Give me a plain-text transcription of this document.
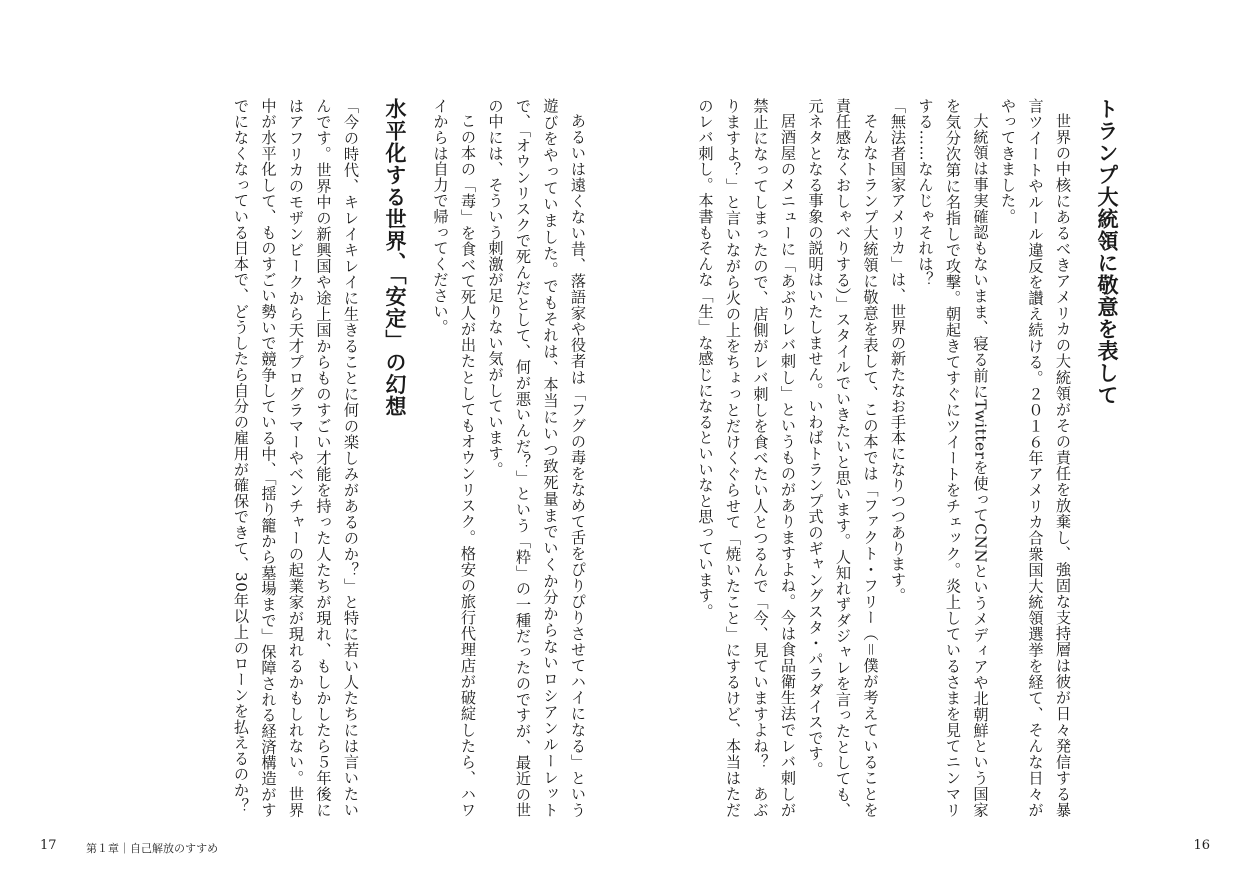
トランプ大統領に敬意を表して

世界の中核にあるべきアメリカの大統領がその責任を放棄し、強固な支持層は彼が日々発信する暴言ツイートやルール違反を讃え続ける。２０１６年アメリカ合衆国大統領選挙を経て、そんな日々がやってきました。

大統領は事実確認もないまま、寝る前にTwitterを使ってCNNというメディアや北朝鮮という国家を気分次第に名指しで攻撃。朝起きてすぐにツイートをチェック。炎上しているさまを見てニンマリする……なんじゃそれは？

「無法者国家アメリカ」は、世界の新たなお手本になりつつあります。

そんなトランプ大統領に敬意を表して、この本では「ファクト・フリー（＝僕が考えていることを責任感なくおしゃべりする）」スタイルでいきたいと思います。人知れずダジャレを言ったとしても、元ネタとなる事象の説明はいたしません。いわばトランプ式のギャングスタ・パラダイスです。

居酒屋のメニューに「あぶりレバ刺し」というものがありますよね。今は食品衛生法でレバ刺しが禁止になってしまったので、店側がレバ刺しを食べたい人とつるんで「今、見ていますよね？　あぶりますよ？」と言いながら火の上をちょっとだけくぐらせて「焼いたこと」にするけど、本当はただのレバ刺し。本書もそんな「生」な感じになるといいなと思っています。

あるいは遠くない昔、落語家や役者は「フグの毒をなめて舌をぴりぴりさせてハイになる」という遊びをやっていました。でもそれは、本当にいつ致死量までいくか分からないロシアンルーレットで、「オウンリスクで死んだとして、何が悪いんだ？」という「粋」の一種だったのですが、最近の世の中には、そういう刺激が足りない気がしています。

この本の「毒」を食べて死人が出たとしてもオウンリスク。格安の旅行代理店が破綻したら、ハワイからは自力で帰ってください。

水平化する世界、「安定」の幻想

「今の時代、キレイキレイに生きることに何の楽しみがあるのか？」と特に若い人たちには言いたいんです。世界中の新興国や途上国からものすごい才能を持った人たちが現れ、もしかしたら５年後にはアフリカのモザンビークから天才プログラマーやベンチャーの起業家が現れるかもしれない。世界中が水平化して、ものすごい勢いで競争している中、「揺り籠から墓場まで」保障される経済構造がすでになくなっている日本で、どうしたら自分の雇用が確保できて、30年以上のローンを払えるのか？

17	第１章｜自己解放のすすめ	16
